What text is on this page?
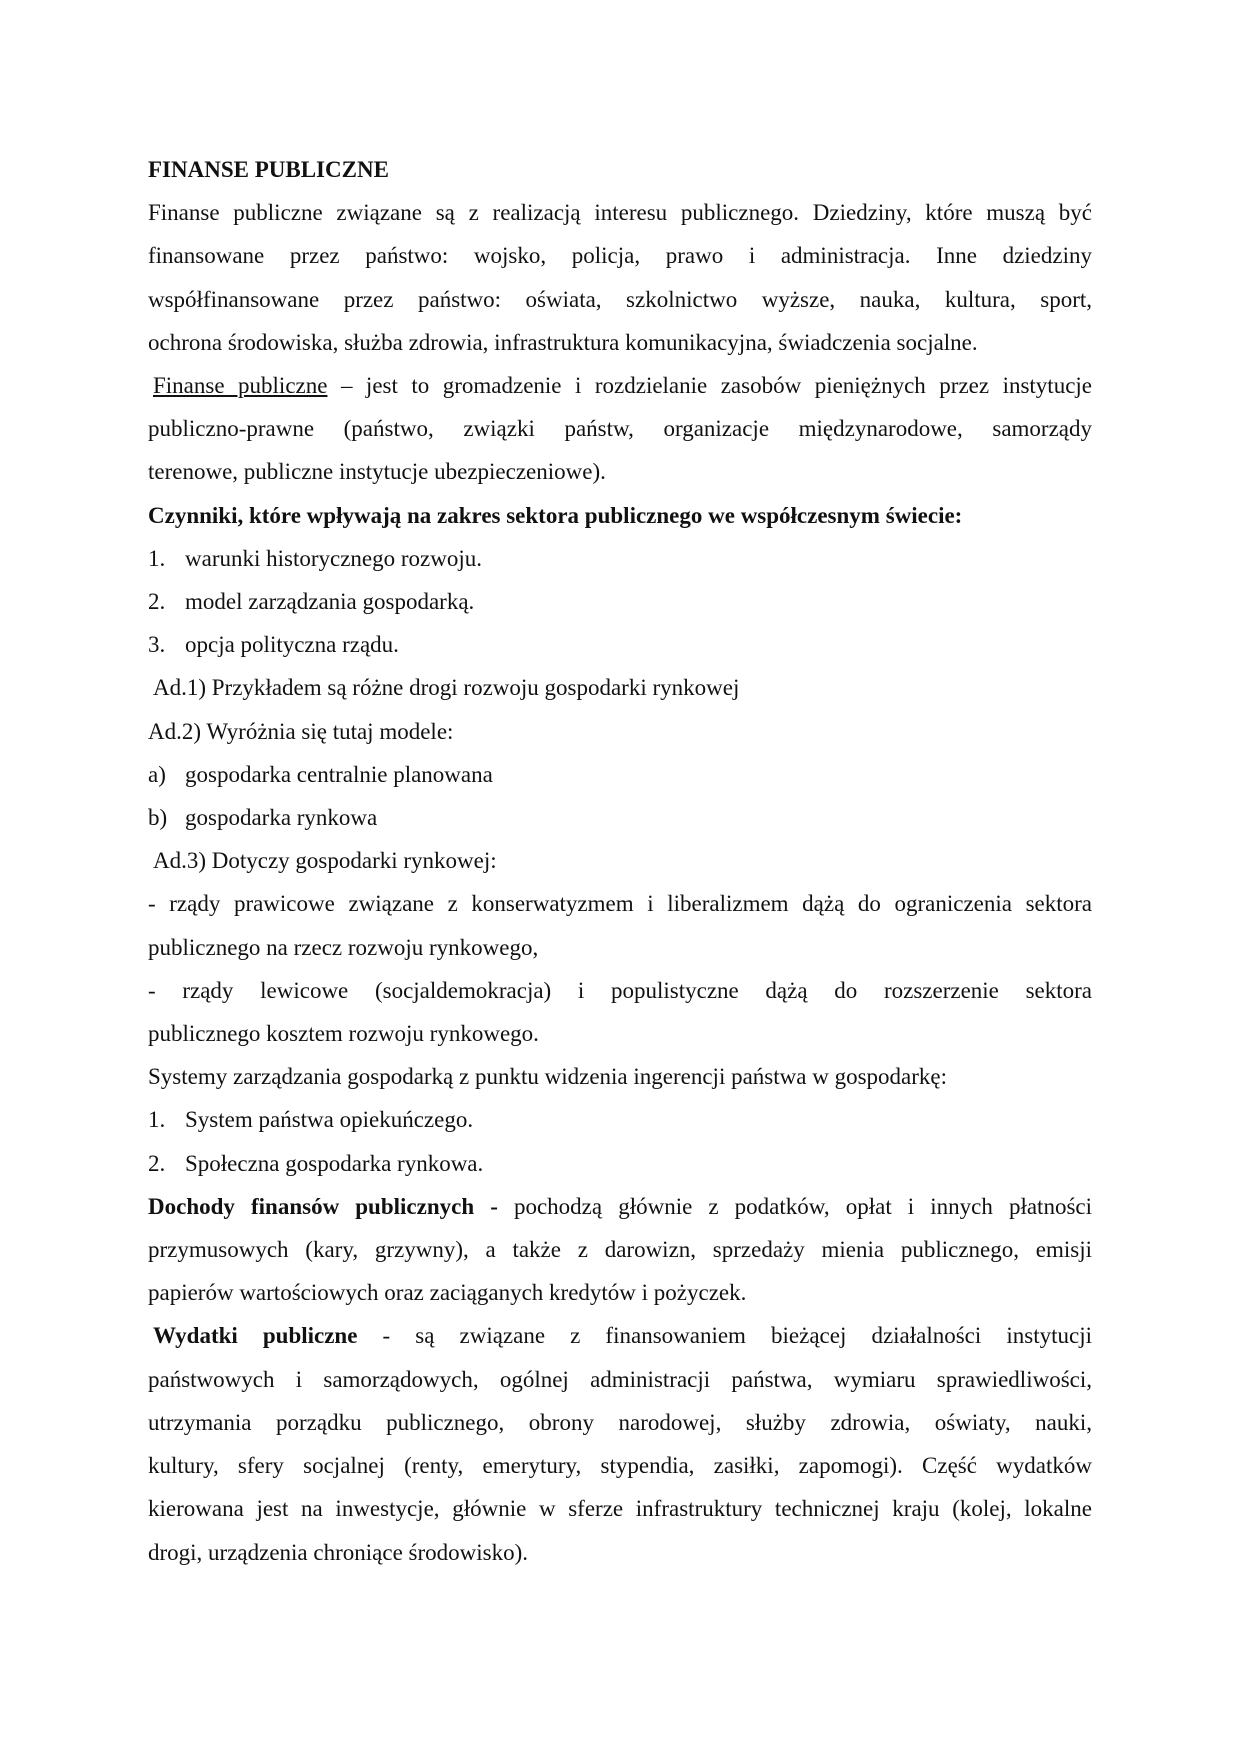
FINANSE PUBLICZNE
Finanse publiczne związane są z realizacją interesu publicznego. Dziedziny, które muszą być
finansowane przez państwo: wojsko, policja, prawo i administracja. Inne dziedziny
współfinansowane przez państwo: oświata, szkolnictwo wyższe, nauka, kultura, sport,
ochrona środowiska, służba zdrowia, infrastruktura komunikacyjna, świadczenia socjalne.
Finanse publiczne – jest to gromadzenie i rozdzielanie zasobów pieniężnych przez instytucje
publiczno-prawne (państwo, związki państw, organizacje międzynarodowe, samorządy
terenowe, publiczne instytucje ubezpieczeniowe).
Czynniki, które wpływają na zakres sektora publicznego we współczesnym świecie:
1. warunki historycznego rozwoju.
2. model zarządzania gospodarką.
3. opcja polityczna rządu.
Ad.1) Przykładem są różne drogi rozwoju gospodarki rynkowej
Ad.2) Wyróżnia się tutaj modele:
a) gospodarka centralnie planowana
b) gospodarka rynkowa
Ad.3) Dotyczy gospodarki rynkowej:
- rządy prawicowe związane z konserwatyzmem i liberalizmem dążą do ograniczenia sektora
publicznego na rzecz rozwoju rynkowego,
- rządy lewicowe (socjaldemokracja) i populistyczne dążą do rozszerzenie sektora
publicznego kosztem rozwoju rynkowego.
Systemy zarządzania gospodarką z punktu widzenia ingerencji państwa w gospodarkę:
1. System państwa opiekuńczego.
2. Społeczna gospodarka rynkowa.
Dochody finansów publicznych - pochodzą głównie z podatków, opłat i innych płatności
przymusowych (kary, grzywny), a także z darowizn, sprzedaży mienia publicznego, emisji
papierów wartościowych oraz zaciąganych kredytów i pożyczek.
Wydatki publiczne - są związane z finansowaniem bieżącej działalności instytucji
państwowych i samorządowych, ogólnej administracji państwa, wymiaru sprawiedliwości,
utrzymania porządku publicznego, obrony narodowej, służby zdrowia, oświaty, nauki,
kultury, sfery socjalnej (renty, emerytury, stypendia, zasiłki, zapomogi). Część wydatków
kierowana jest na inwestycje, głównie w sferze infrastruktury technicznej kraju (kolej, lokalne
drogi, urządzenia chroniące środowisko).
